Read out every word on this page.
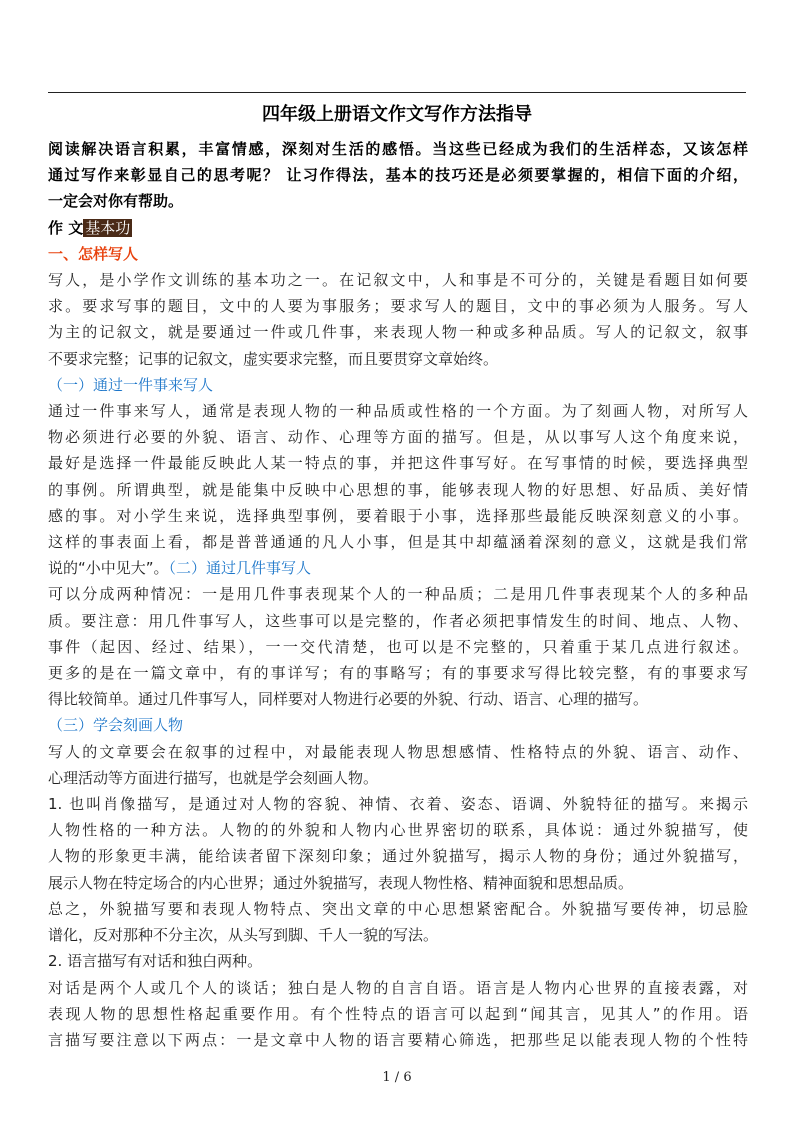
四年级上册语文作文写作方法指导

阅读解决语言积累，丰富情感，深刻对生活的感悟。当这些已经成为我们的生活样态，又该怎样
通过写作来彰显自己的思考呢？ 让习作得法，基本的技巧还是必须要掌握的，相信下面的介绍，
一定会对你有帮助。

作 文 基本功

一、怎样写人

写人，是小学作文训练的基本功之一。在记叙文中，人和事是不可分的，关键是看题目如何要
求。要求写事的题目，文中的人要为事服务；要求写人的题目，文中的事必须为人服务。写人
为主的记叙文，就是要通过一件或几件事，来表现人物一种或多种品质。写人的记叙文，叙事
不要求完整；记事的记叙文，虚实要求完整，而且要贯穿文章始终。

（一）通过一件事来写人

通过一件事来写人，通常是表现人物的一种品质或性格的一个方面。为了刻画人物，对所写人
物必须进行必要的外貌、语言、动作、心理等方面的描写。但是，从以事写人这个角度来说，
最好是选择一件最能反映此人某一特点的事，并把这件事写好。在写事情的时候，要选择典型
的事例。所谓典型，就是能集中反映中心思想的事，能够表现人物的好思想、好品质、美好情
感的事。对小学生来说，选择典型事例，要着眼于小事，选择那些最能反映深刻意义的小事。
这样的事表面上看，都是普普通通的凡人小事，但是其中却蕴涵着深刻的意义，这就是我们常
说的“小中见大”。（二）通过几件事写人

可以分成两种情况：一是用几件事表现某个人的一种品质；二是用几件事表现某个人的多种品
质。要注意：用几件事写人，这些事可以是完整的，作者必须把事情发生的时间、地点、人物、
事件（起因、经过、结果），一一交代清楚，也可以是不完整的，只着重于某几点进行叙述。
更多的是在一篇文章中，有的事详写；有的事略写；有的事要求写得比较完整，有的事要求写
得比较简单。通过几件事写人，同样要对人物进行必要的外貌、行动、语言、心理的描写。

（三）学会刻画人物

写人的文章要会在叙事的过程中，对最能表现人物思想感情、性格特点的外貌、语言、动作、
心理活动等方面进行描写，也就是学会刻画人物。

1. 也叫肖像描写，是通过对人物的容貌、神情、衣着、姿态、语调、外貌特征的描写。来揭示
人物性格的一种方法。人物的的外貌和人物内心世界密切的联系，具体说：通过外貌描写，使
人物的形象更丰满，能给读者留下深刻印象；通过外貌描写，揭示人物的身份；通过外貌描写，
展示人物在特定场合的内心世界；通过外貌描写，表现人物性格、精神面貌和思想品质。

总之，外貌描写要和表现人物特点、突出文章的中心思想紧密配合。外貌描写要传神，切忌脸
谱化，反对那种不分主次，从头写到脚、千人一貌的写法。

2. 语言描写有对话和独白两种。

对话是两个人或几个人的谈话；独白是人物的自言自语。语言是人物内心世界的直接表露，对
表现人物的思想性格起重要作用。有个性特点的语言可以起到“闻其言，见其人”的作用。语
言描写要注意以下两点：一是文章中人物的语言要精心筛选，把那些足以能表现人物的个性特

1 / 6
